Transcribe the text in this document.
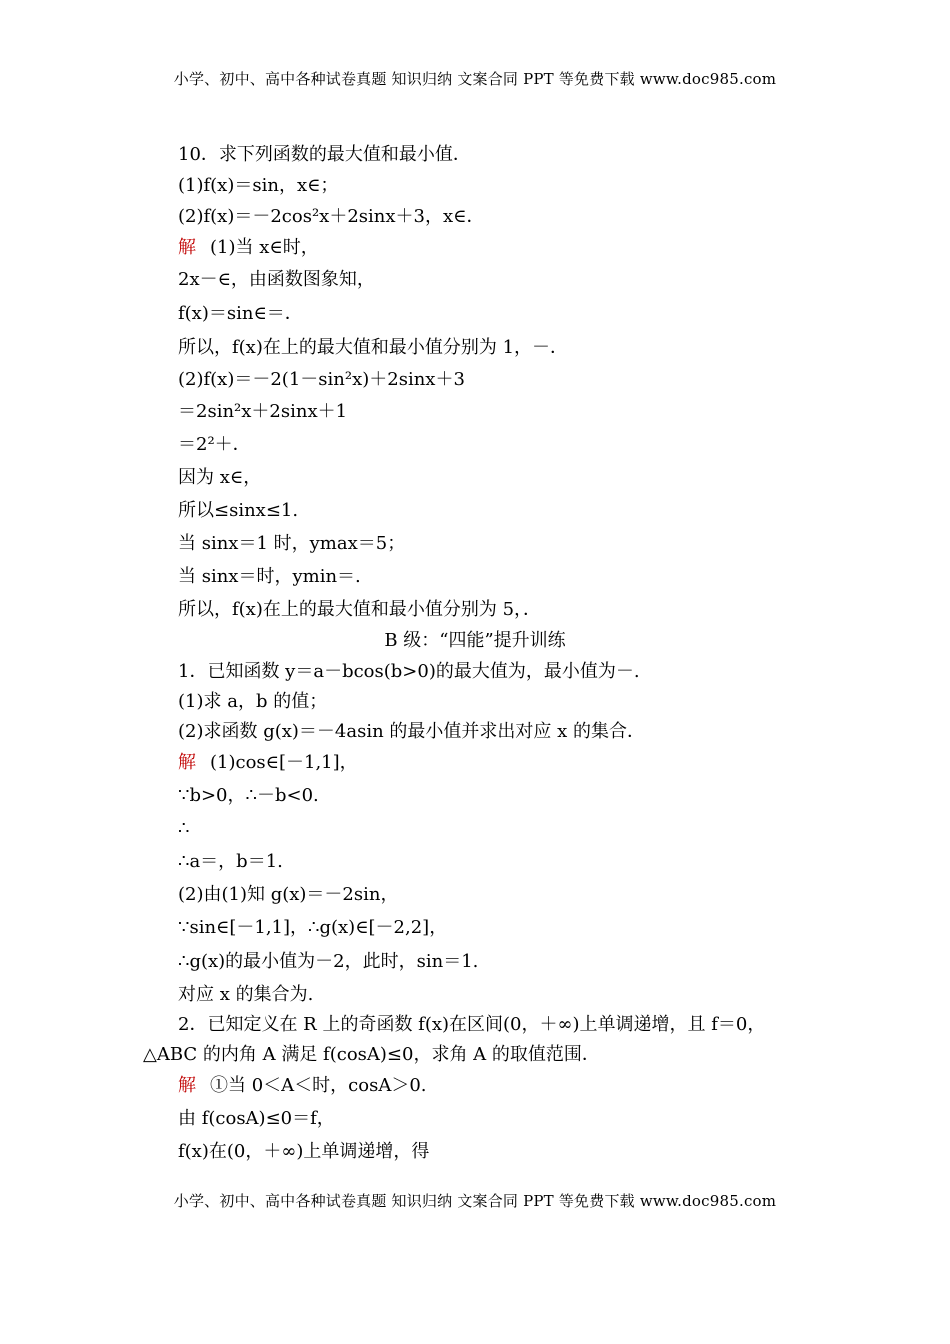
小学、初中、高中各种试卷真题 知识归纳 文案合同 PPT 等免费下载 www.doc985.com
10．求下列函数的最大值和最小值．
(1)f(x)＝sin，x∈；
(2)f(x)＝－2cos²x＋2sinx＋3，x∈．
解 (1)当 x∈时，
2x－∈，由函数图象知，
f(x)＝sin∈＝．
所以，f(x)在上的最大值和最小值分别为 1，－．
(2)f(x)＝－2(1－sin²x)＋2sinx＋3
＝2sin²x＋2sinx＋1
＝2²＋．
因为 x∈，
所以≤sinx≤1.
当 sinx＝1 时，ymax＝5；
当 sinx＝时，ymin＝.
所以，f(x)在上的最大值和最小值分别为 5，．
B 级：“四能”提升训练
1．已知函数 y＝a－bcos(b>0)的最大值为，最小值为－.
(1)求 a，b 的值；
(2)求函数 g(x)＝－4asin 的最小值并求出对应 x 的集合．
解 (1)cos∈[－1,1]，
∵b>0，∴－b<0.
∴
∴a＝，b＝1.
(2)由(1)知 g(x)＝－2sin，
∵sin∈[－1,1]，∴g(x)∈[－2,2]，
∴g(x)的最小值为－2，此时，sin＝1.
对应 x 的集合为.
2．已知定义在 R 上的奇函数 f(x)在区间(0，＋∞)上单调递增，且 f＝0，
△ABC 的内角 A 满足 f(cosA)≤0，求角 A 的取值范围．
解 ①当 0＜A＜时，cosA＞0.
由 f(cosA)≤0＝f，
f(x)在(0，＋∞)上单调递增，得
小学、初中、高中各种试卷真题 知识归纳 文案合同 PPT 等免费下载 www.doc985.com
